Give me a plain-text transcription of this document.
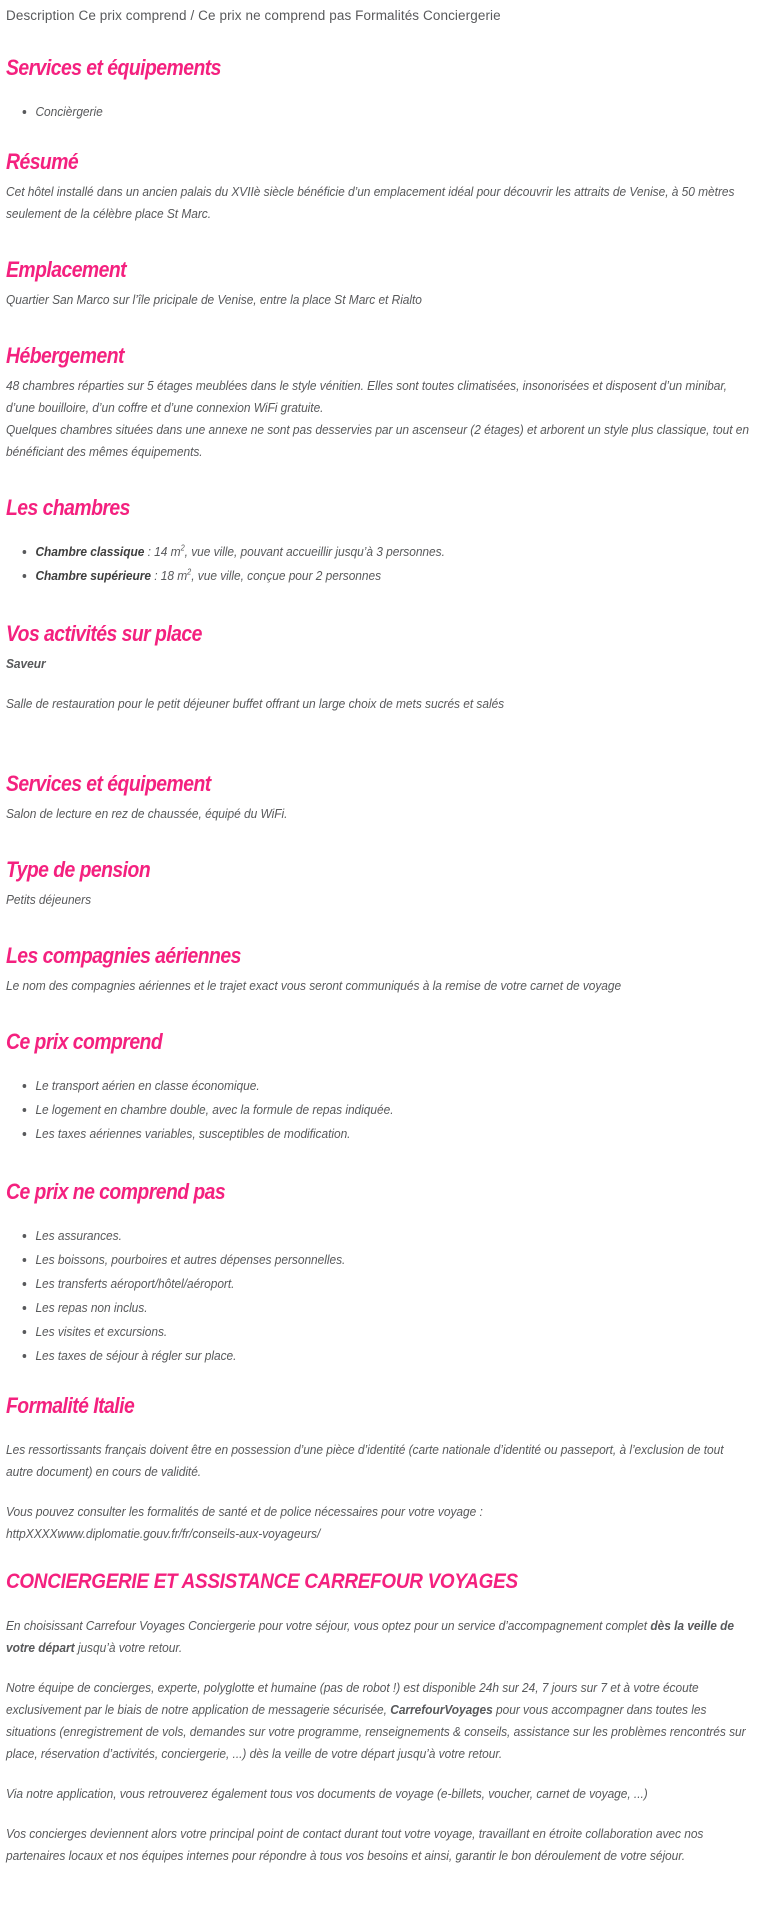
Description Ce prix comprend / Ce prix ne comprend pas Formalités Conciergerie
Services et équipements
Concièrgerie
Résumé

Cet hôtel installé dans un ancien palais du XVIIè siècle bénéficie d’un emplacement idéal pour découvrir les attraits de Venise, à 50 mètres seulement de la célèbre place St Marc.

Emplacement

Quartier San Marco sur l’île pricipale de Venise, entre la place St Marc et Rialto

Hébergement

48 chambres réparties sur 5 étages meublées dans le style vénitien. Elles sont toutes climatisées, insonorisées et disposent d’un minibar, d’une bouilloire, d’un coffre et d’une connexion WiFi gratuite.

Quelques chambres situées dans une annexe ne sont pas desservies par un ascenseur (2 étages) et arborent un style plus classique, tout en bénéficiant des mêmes équipements.

Les chambres
Chambre classique : 14 $m^2$, vue ville, pouvant accueillir jusqu’à 3 personnes.
Chambre supérieure : 18 $m^2$, vue ville, conçue pour 2 personnes
Vos activités sur place
Saveur

Salle de restauration pour le petit déjeuner buffet offrant un large choix de mets sucrés et salés

Services et équipement

Salon de lecture en rez de chaussée, équipé du WiFi.

Type de pension

Petits déjeuners

Les compagnies aériennes

Le nom des compagnies aériennes et le trajet exact vous seront communiqués à la remise de votre carnet de voyage

Ce prix comprend
Le transport aérien en classe économique.
Le logement en chambre double, avec la formule de repas indiquée.
Les taxes aériennes variables, susceptibles de modification.
Ce prix ne comprend pas
Les assurances.
Les boissons, pourboires et autres dépenses personnelles.
Les transferts aéroport/hôtel/aéroport.
Les repas non inclus.
Les visites et excursions.
Les taxes de séjour à régler sur place.
Formalité Italie

Les ressortissants français doivent être en possession d’une pièce d’identité (carte nationale d’identité ou passeport, à l’exclusion de tout autre document) en cours de validité.

Vous pouvez consulter les formalités de santé et de police nécessaires pour votre voyage :

httpXXXXwww.diplomatie.gouv.fr/fr/conseils-aux-voyageurs/

CONCIERGERIE ET ASSISTANCE CARREFOUR VOYAGES

En choisissant Carrefour Voyages Conciergerie pour votre séjour, vous optez pour un service d’accompagnement complet dès la veille de votre départ jusqu’à votre retour.

Notre équipe de concierges, experte, polyglotte et humaine (pas de robot !) est disponible 24h sur 24, 7 jours sur 7 et à votre écoute exclusivement par le biais de notre application de messagerie sécurisée, CarrefourVoyages pour vous accompagner dans toutes les situations (enregistrement de vols, demandes sur votre programme, renseignements & conseils, assistance sur les problèmes rencontrés sur place, réservation d’activités, conciergerie, ...) dès la veille de votre départ jusqu’à votre retour.

Via notre application, vous retrouverez également tous vos documents de voyage (e-billets, voucher, carnet de voyage, ...)

Vos concierges deviennent alors votre principal point de contact durant tout votre voyage, travaillant en étroite collaboration avec nos partenaires locaux et nos équipes internes pour répondre à tous vos besoins et ainsi, garantir le bon déroulement de votre séjour.
